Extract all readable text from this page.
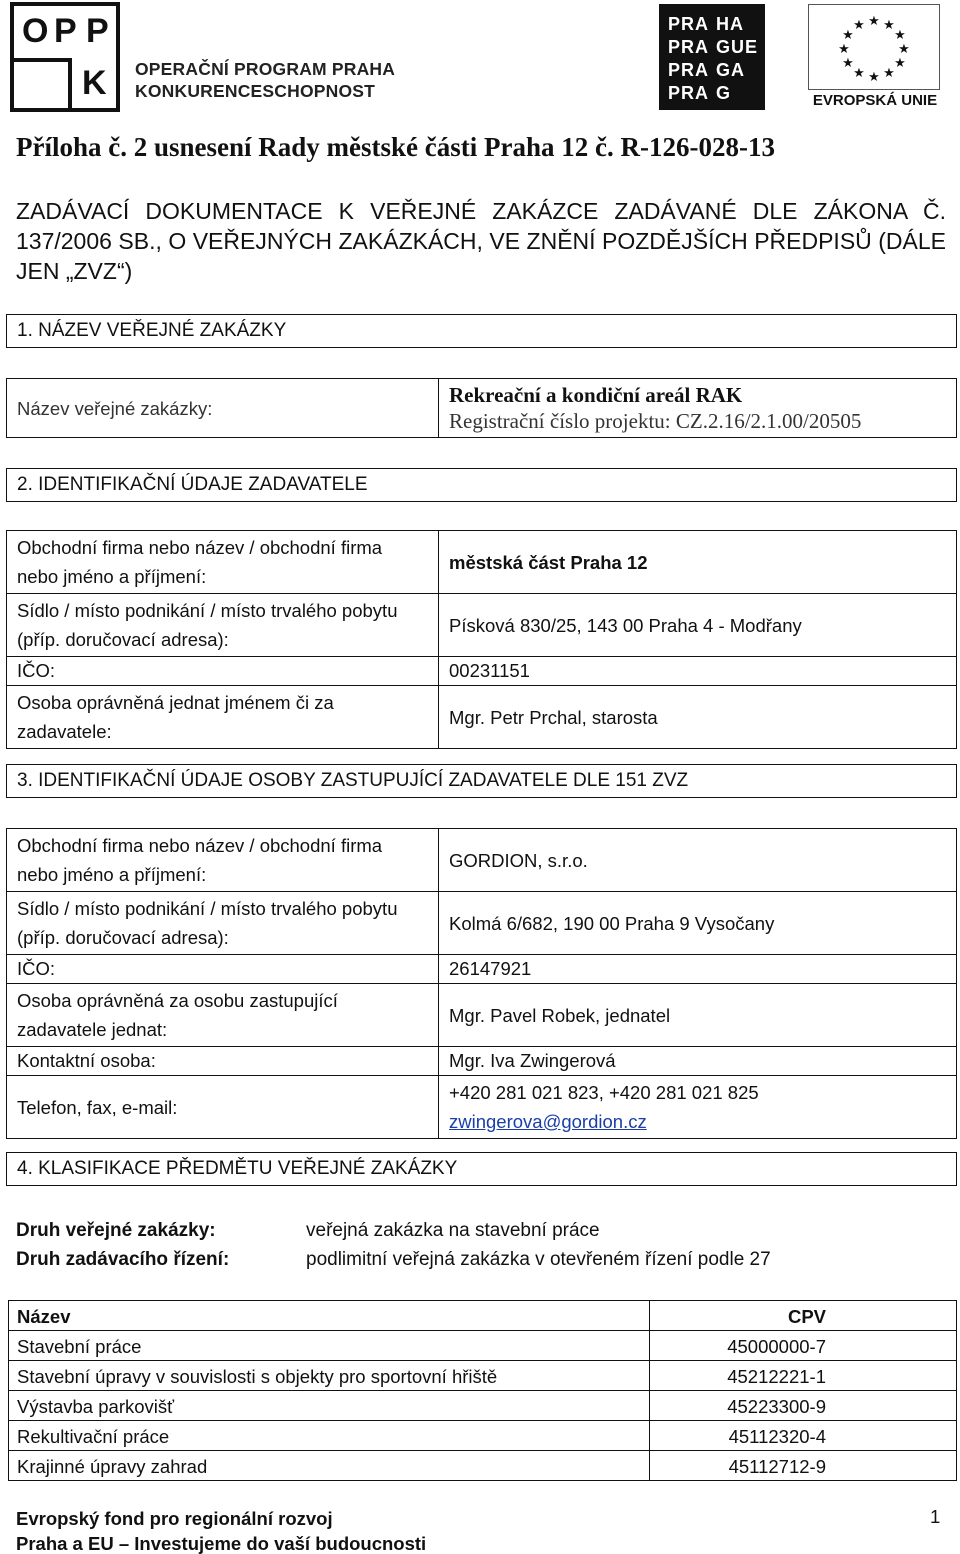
O P P
K OPERAČNÍ PROGRAM PRAHA
KONKURENCESCHOPNOST
PRA HA
PRA GUE
PRA GA
PRA G
★ ★
★
★
★
★
★
★
★
★
★
★
EVROPSKÁ UNIE
Příloha č. 2 usnesení Rady městské části Praha 12 č. R-126-028-13
ZADÁVACÍ DOKUMENTACE K VEŘEJNÉ ZAKÁZCE ZADÁVANÉ DLE ZÁKONA Č. 137/2006 SB., O VEŘEJNÝCH ZAKÁZKÁCH, VE ZNĚNÍ POZDĚJŠÍCH PŘEDPISŮ (DÁLE JEN „ZVZ“)
1. NÁZEV VEŘEJNÉ ZAKÁZKY
Název veřejné zakázky:	
Rekreační a kondiční areál RAK
Registrační číslo projektu: CZ.2.16/2.1.00/20505
2. IDENTIFIKAČNÍ ÚDAJE ZADAVATELE
Obchodní firma nebo název / obchodní firma nebo jméno a příjmení:	městská část Praha 12
Sídlo / místo podnikání / místo trvalého pobytu (příp. doručovací adresa):	Písková 830/25, 143 00 Praha 4 - Modřany
IČO:	00231151
Osoba oprávněná jednat jménem či za zadavatele:	Mgr. Petr Prchal, starosta
3. IDENTIFIKAČNÍ ÚDAJE OSOBY ZASTUPUJÍCÍ ZADAVATELE DLE 151 ZVZ
Obchodní firma nebo název / obchodní firma nebo jméno a příjmení:	GORDION, s.r.o.
Sídlo / místo podnikání / místo trvalého pobytu (příp. doručovací adresa):	Kolmá 6/682, 190 00 Praha 9 Vysočany
IČO:	26147921
Osoba oprávněná za osobu zastupující zadavatele jednat:	Mgr. Pavel Robek, jednatel
Kontaktní osoba:	Mgr. Iva Zwingerová
Telefon, fax, e-mail:	+420 281 021 823, +420 281 021 825
zwingerova@gordion.cz
4. KLASIFIKACE PŘEDMĚTU VEŘEJNÉ ZAKÁZKY
Druh veřejné zakázky:	veřejná zakázka na stavební práce
Druh zadávacího řízení:	podlimitní veřejná zakázka v otevřeném řízení podle 27
Název	CPV
Stavební práce	45000000-7
Stavební úpravy v souvislosti s objekty pro sportovní hřiště	45212221-1
Výstavba parkovišť	45223300-9
Rekultivační práce	45112320-4
Krajinné úpravy zahrad	45112712-9
Evropský fond pro regionální rozvoj
Praha a EU – Investujeme do vaší budoucnosti
1
